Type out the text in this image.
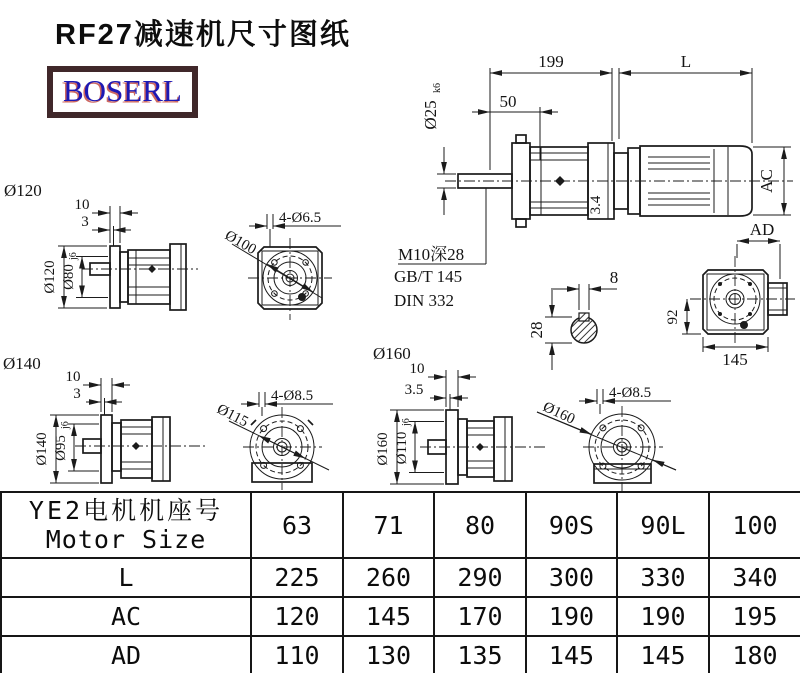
RF27减速机尺寸图纸
BOSERL
3.4
199	L
50
Ø25
k6
AC
AD
M10深28
GB/T 145
DIN 332
8
28
92
145
Ø120
10
3
Ø120 Ø80
j6
4-Ø6.5
Ø100
Ø140
10
3
Ø140 Ø95
j6
4-Ø8.5
Ø115
Ø160
10
3.5
Ø160 Ø110
j6
4-Ø8.5
Ø160
YE2电机机座号
Motor Size	63	71	80	90S	90L	100
L	225	260	290	300	330	340
AC	120	145	170	190	190	195
AD	110	130	135	145	145	180
